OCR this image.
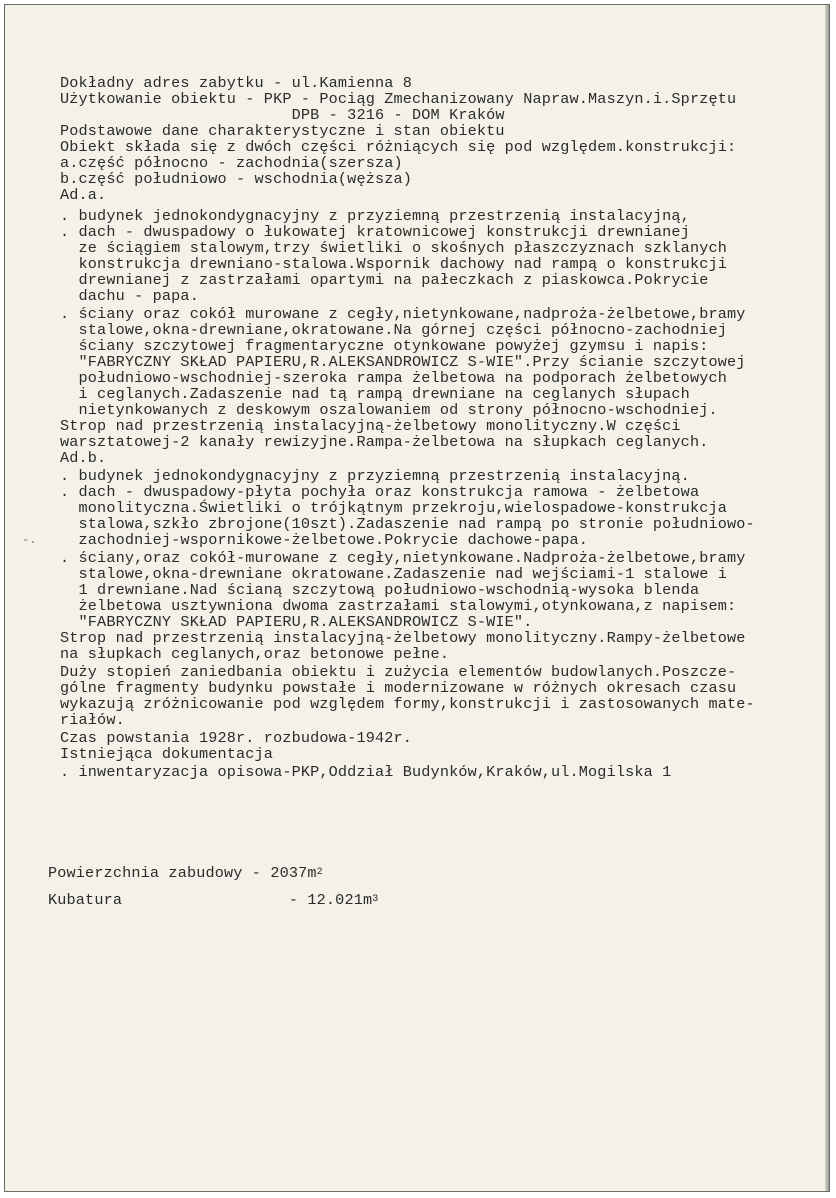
Dokładny adres zabytku - ul.Kamienna 8

Użytkowanie obiektu - PKP - Pociąg Zmechanizowany Napraw.Maszyn.i.Sprzętu

DPB - 3216 - DOM Kraków

Podstawowe dane charakterystyczne i stan obiektu

Obiekt składa się z dwóch części różniących się pod względem.konstrukcji:

a.część północno - zachodnia(szersza)

b.część południowo - wschodnia(węższa)

Ad.a.

. budynek jednokondygnacyjny z przyziemną przestrzenią instalacyjną,

. dach - dwuspadowy o łukowatej kratownicowej konstrukcji drewnianej

ze ściągiem stalowym,trzy świetliki o skośnych płaszczyznach szklanych

konstrukcja drewniano-stalowa.Wspornik dachowy nad rampą o konstrukcji

drewnianej z zastrzałami opartymi na pałeczkach z piaskowca.Pokrycie

dachu - papa.

. ściany oraz cokół murowane z cegły,nietynkowane,nadproża-żelbetowe,bramy

stalowe,okna-drewniane,okratowane.Na górnej części północno-zachodniej

ściany szczytowej fragmentaryczne otynkowane powyżej gzymsu i napis:

"FABRYCZNY SKŁAD PAPIERU,R.ALEKSANDROWICZ S-WIE".Przy ścianie szczytowej

południowo-wschodniej-szeroka rampa żelbetowa na podporach żelbetowych

i ceglanych.Zadaszenie nad tą rampą drewniane na ceglanych słupach

nietynkowanych z deskowym oszalowaniem od strony północno-wschodniej.

Strop nad przestrzenią instalacyjną-żelbetowy monolityczny.W części

warsztatowej-2 kanały rewizyjne.Rampa-żelbetowa na słupkach ceglanych.

Ad.b.

. budynek jednokondygnacyjny z przyziemną przestrzenią instalacyjną.

. dach - dwuspadowy-płyta pochyła oraz konstrukcja ramowa - żelbetowa

monolityczna.Świetliki o trójkątnym przekroju,wielospadowe-konstrukcja

stalowa,szkło zbrojone(10szt).Zadaszenie nad rampą po stronie południowo-

zachodniej-wspornikowe-żelbetowe.Pokrycie dachowe-papa.

. ściany,oraz cokół-murowane z cegły,nietynkowane.Nadproża-żelbetowe,bramy

stalowe,okna-drewniane okratowane.Zadaszenie nad wejściami-1 stalowe i

1 drewniane.Nad ścianą szczytową południowo-wschodnią-wysoka blenda

żelbetowa usztywniona dwoma zastrzałami stalowymi,otynkowana,z napisem:

"FABRYCZNY SKŁAD PAPIERU,R.ALEKSANDROWICZ S-WIE".

Strop nad przestrzenią instalacyjną-żelbetowy monolityczny.Rampy-żelbetowe

na słupkach ceglanych,oraz betonowe pełne.

Duży stopień zaniedbania obiektu i zużycia elementów budowlanych.Poszcze-

gólne fragmenty budynku powstałe i modernizowane w różnych okresach czasu

wykazują zróżnicowanie pod względem formy,konstrukcji i zastosowanych mate-

riałów.

Czas powstania 1928r. rozbudowa-1942r.

Istniejąca dokumentacja

. inwentaryzacja opisowa-PKP,Oddział Budynków,Kraków,ul.Mogilska 1

-.
Powierzchnia zabudowy - $2037m^2$
Kubatura                  - $12.021m^3$
